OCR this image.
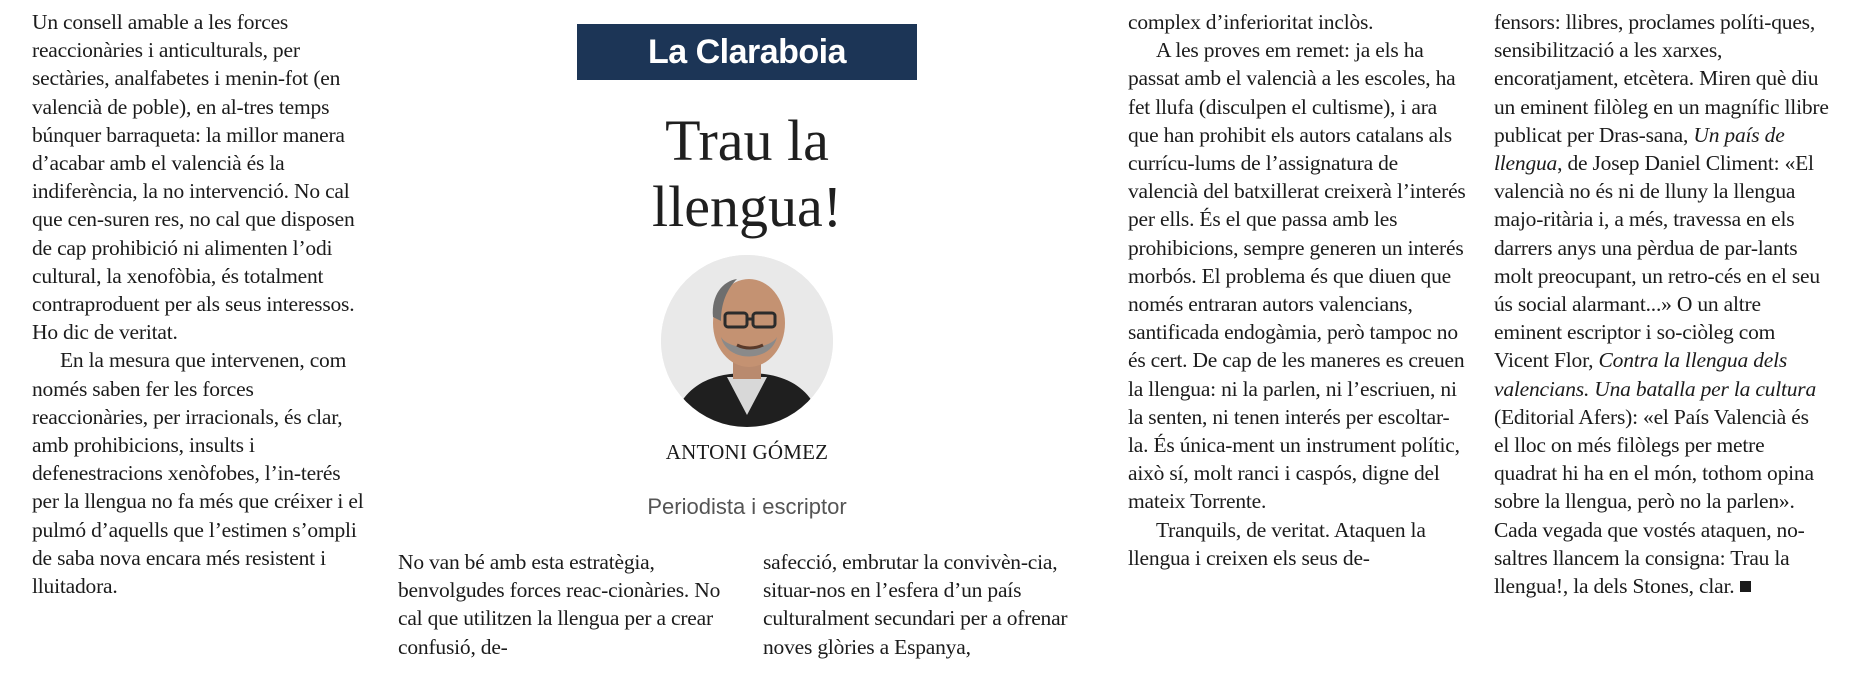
La Claraboia
Trau la
llengua!
ANTONI GÓMEZ
Periodista i escriptor

Un consell amable a les forces reaccionàries i anticulturals, per sectàries, analfabetes i menin-fot (en valencià de poble), en al-tres temps búnquer barraqueta: la millor manera d’acabar amb el valencià és la indiferència, la no intervenció. No cal que cen-suren res, no cal que disposen de cap prohibició ni alimenten l’odi cultural, la xenofòbia, és totalment contraproduent per als seus interessos. Ho dic de veritat.

En la mesura que intervenen, com només saben fer les forces reaccionàries, per irracionals, és clar, amb prohibicions, insults i defenestracions xenòfobes, l’in-terés per la llengua no fa més que créixer i el pulmó d’aquells que l’estimen s’ompli de saba nova encara més resistent i lluitadora.

No van bé amb esta estratègia, benvolgudes forces reac-cionàries. No cal que utilitzen la llengua per a crear confusió, de-

safecció, embrutar la convivèn-cia, situar-nos en l’esfera d’un país culturalment secundari per a ofrenar noves glòries a Espanya,

complex d’inferioritat inclòs.

A les proves em remet: ja els ha passat amb el valencià a les escoles, ha fet llufa (disculpen el cultisme), i ara que han prohibit els autors catalans als currícu-lums de l’assignatura de valencià del batxillerat creixerà l’interés per ells. És el que passa amb les prohibicions, sempre generen un interés morbós. El problema és que diuen que només entraran autors valencians, santificada endogàmia, però tampoc no és cert. De cap de les maneres es creuen la llengua: ni la parlen, ni l’escriuen, ni la senten, ni tenen interés per escoltar-la. És única-ment un instrument polític, això sí, molt ranci i caspós, digne del mateix Torrente.

Tranquils, de veritat. Ataquen la llengua i creixen els seus de-

fensors: llibres, proclames políti-ques, sensibilització a les xarxes, encoratjament, etcètera. Miren què diu un eminent filòleg en un magnífic llibre publicat per Dras-sana, Un país de llengua, de Josep Daniel Climent: «El valencià no és ni de lluny la llengua majo-ritària i, a més, travessa en els darrers anys una pèrdua de par-lants molt preocupant, un retro-cés en el seu ús social alarmant...» O un altre eminent escriptor i so-ciòleg com Vicent Flor, Contra la llengua dels valencians. Una batalla per la cultura (Editorial Afers): «el País Valencià és el lloc on més filòlegs per metre quadrat hi ha en el món, tothom opina sobre la llengua, però no la parlen». Cada vegada que vostés ataquen, no-saltres llancem la consigna: Trau la llengua!, la dels Stones, clar.
